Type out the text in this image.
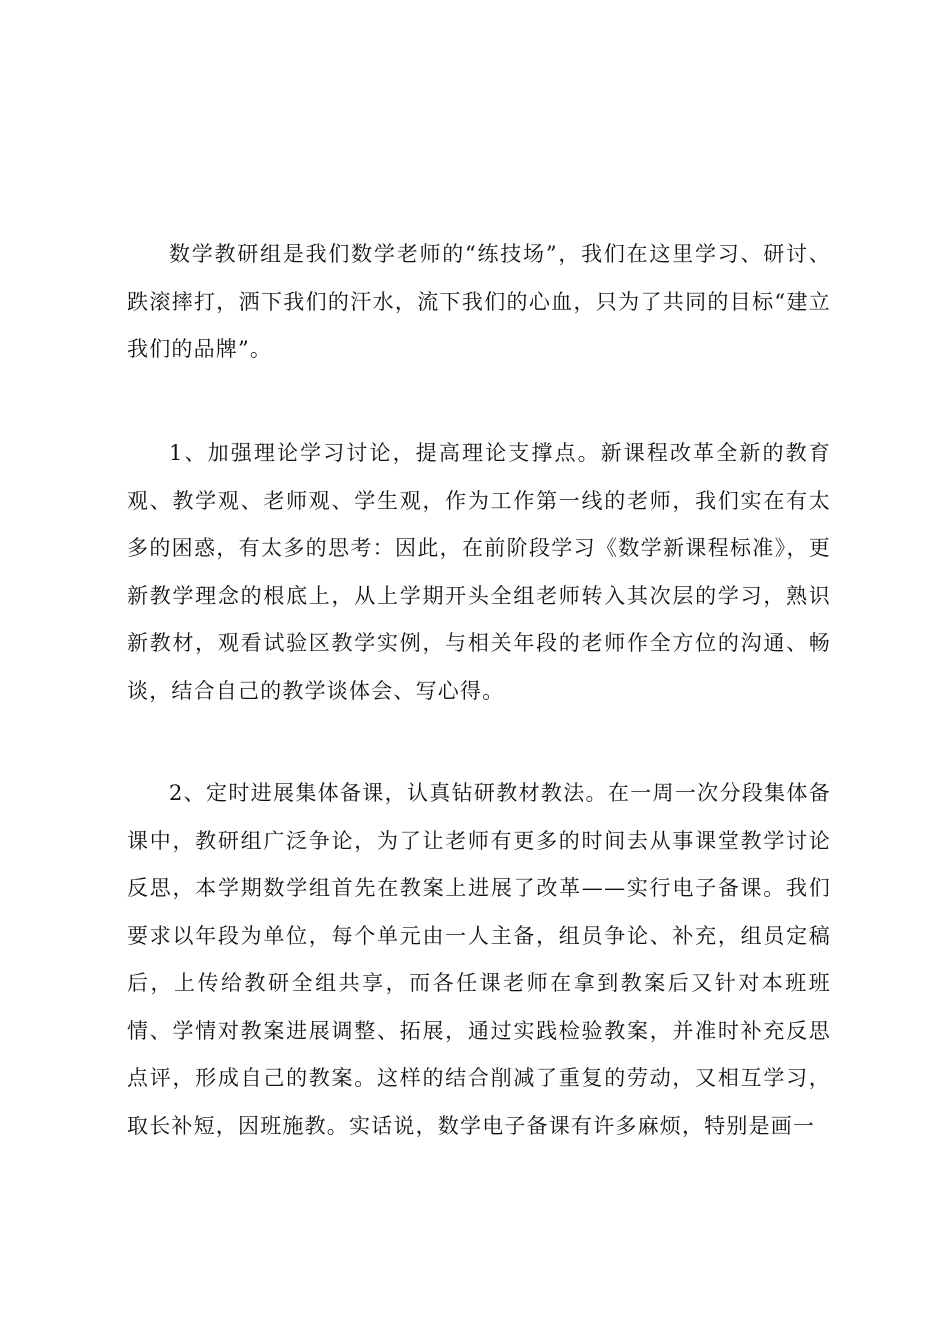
数学教研组是我们数学老师的“练技场”，我们在这里学习、研讨、跌滚摔打，洒下我们的汗水，流下我们的心血，只为了共同的目标“建立我们的品牌”。

1、加强理论学习讨论，提高理论支撑点。新课程改革全新的教育观、教学观、老师观、学生观，作为工作第一线的老师，我们实在有太多的困惑，有太多的思考：因此，在前阶段学习《数学新课程标准》，更新教学理念的根底上，从上学期开头全组老师转入其次层的学习，熟识新教材，观看试验区教学实例，与相关年段的老师作全方位的沟通、畅谈，结合自己的教学谈体会、写心得。

2、定时进展集体备课，认真钻研教材教法。在一周一次分段集体备课中，教研组广泛争论，为了让老师有更多的时间去从事课堂教学讨论反思，本学期数学组首先在教案上进展了改革——实行电子备课。我们要求以年段为单位，每个单元由一人主备，组员争论、补充，组员定稿后，上传给教研全组共享，而各任课老师在拿到教案后又针对本班班情、学情对教案进展调整、拓展，通过实践检验教案，并准时补充反思点评，形成自己的教案。这样的结合削减了重复的劳动，又相互学习，取长补短，因班施教。实话说，数学电子备课有许多麻烦，特别是画一
